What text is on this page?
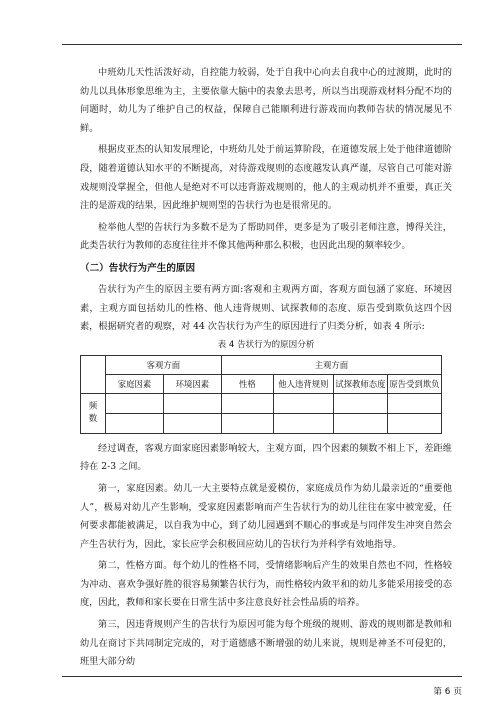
中班幼儿天性活泼好动，自控能力较弱，处于自我中心向去自我中心的过渡期，此时的幼儿以具体形象思维为主，主要依靠大脑中的表象去思考，所以当出现游戏材料分配不均的问题时，幼儿为了维护自己的权益，保障自己能顺利进行游戏而向教师告状的情况屡见不鲜。

根据皮亚杰的认知发展理论，中班幼儿处于前运算阶段，在道德发展上处于他律道德阶段，随着道德认知水平的不断提高，对待游戏规则的态度越发认真严谨，尽管自己可能对游戏规则没掌握全，但他人是绝对不可以违背游戏规则的，他人的主观动机并不重要，真正关注的是游戏的结果，因此维护规则型的告状行为也是很常见的。

检举他人型的告状行为多数不是为了帮助同伴，更多是为了吸引老师注意，博得关注，此类告状行为教师的态度往往并不像其他两种那么积极，也因此出现的频率较少。

（二）告状行为产生的原因

告状行为产生的原因主要有两方面:客观和主观两方面，客观方面包涵了家庭、环境因素，主观方面包括幼儿的性格、他人违背规则、试探教师的态度、原告受到欺负这四个因素，根据研究者的观察，对 44 次告状行为产生的原因进行了归类分析，如表 4 所示:

表 4 告状行为的原因分析
	客观方面		主观方面			
	家庭因素	环境因素	性格	他人违背规则	试探教师态度	原告受到欺负
频数						

经过调查，客观方面家庭因素影响较大，主观方面，四个因素的频数不相上下，差距维持在 2-3 之间。

第一，家庭因素。幼儿一大主要特点就是爱模仿，家庭成员作为幼儿最亲近的“重要他人”，极易对幼儿产生影响，受家庭因素影响而产生告状行为的幼儿往往在家中被宠爱，任何要求都能被满足，以自我为中心，到了幼儿园遇到不顺心的事或是与同伴发生冲突自然会产生告状行为，因此，家长应学会积极回应幼儿的告状行为并科学有效地指导。

第二，性格方面。每个幼儿的性格不同，受情绪影响后产生的效果自然也不同，性格较为冲动、喜欢争强好胜的很容易频繁告状行为，而性格较内敛平和的幼儿多能采用接受的态度，因此，教师和家长要在日常生活中多注意良好社会性品质的培养。

第三，因违背规则产生的告状行为原因可能为每个班级的规则、游戏的规则都是教师和幼儿在商讨下共同制定完成的，对于道德感不断增强的幼儿来说，规则是神圣不可侵犯的，班里大部分幼

第 6 页
